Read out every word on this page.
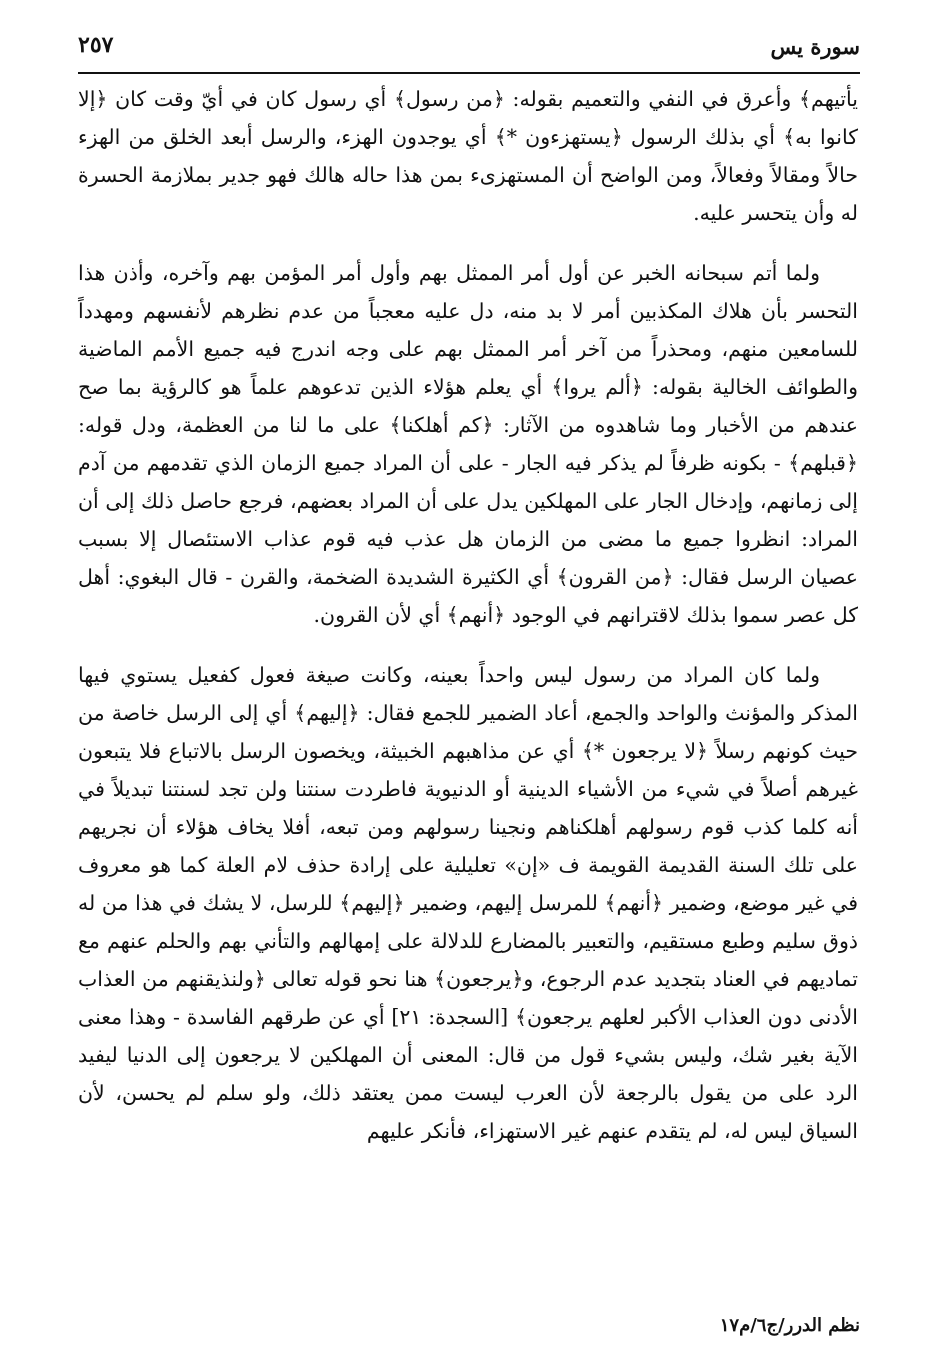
سورة يس
٢٥٧

يأتيهم﴾ وأعرق في النفي والتعميم بقوله: ﴿من رسول﴾ أي رسول كان في أيّ وقت كان ﴿إلا كانوا به﴾ أي بذلك الرسول ﴿يستهزءون *﴾ أي يوجدون الهزء، والرسل أبعد الخلق من الهزء حالاً ومقالاً وفعالاً، ومن الواضح أن المستهزىء بمن هذا حاله هالك فهو جدير بملازمة الحسرة له وأن يتحسر عليه.

ولما أتم سبحانه الخبر عن أول أمر الممثل بهم وأول أمر المؤمن بهم وآخره، وأذن هذا التحسر بأن هلاك المكذبين أمر لا بد منه، دل عليه معجباً من عدم نظرهم لأنفسهم ومهدداً للسامعين منهم، ومحذراً من آخر أمر الممثل بهم على وجه اندرج فيه جميع الأمم الماضية والطوائف الخالية بقوله: ﴿ألم يروا﴾ أي يعلم هؤلاء الذين تدعوهم علماً هو كالرؤية بما صح عندهم من الأخبار وما شاهدوه من الآثار: ﴿كم أهلكنا﴾ على ما لنا من العظمة، ودل قوله: ﴿قبلهم﴾ - بكونه ظرفاً لم يذكر فيه الجار - على أن المراد جميع الزمان الذي تقدمهم من آدم إلى زمانهم، وإدخال الجار على المهلكين يدل على أن المراد بعضهم، فرجع حاصل ذلك إلى أن المراد: انظروا جميع ما مضى من الزمان هل عذب فيه قوم عذاب الاستئصال إلا بسبب عصيان الرسل فقال: ﴿من القرون﴾ أي الكثيرة الشديدة الضخمة، والقرن - قال البغوي: أهل كل عصر سموا بذلك لاقترانهم في الوجود ﴿أنهم﴾ أي لأن القرون.

ولما كان المراد من رسول ليس واحداً بعينه، وكانت صيغة فعول كفعيل يستوي فيها المذكر والمؤنث والواحد والجمع، أعاد الضمير للجمع فقال: ﴿إليهم﴾ أي إلى الرسل خاصة من حيث كونهم رسلاً ﴿لا يرجعون *﴾ أي عن مذاهبهم الخبيثة، ويخصون الرسل بالاتباع فلا يتبعون غيرهم أصلاً في شيء من الأشياء الدينية أو الدنيوية فاطردت سنتنا ولن تجد لسنتنا تبديلاً في أنه كلما كذب قوم رسولهم أهلكناهم ونجينا رسولهم ومن تبعه، أفلا يخاف هؤلاء أن نجريهم على تلك السنة القديمة القويمة ف «إن» تعليلية على إرادة حذف لام العلة كما هو معروف في غير موضع، وضمير ﴿أنهم﴾ للمرسل إليهم، وضمير ﴿إليهم﴾ للرسل، لا يشك في هذا من له ذوق سليم وطبع مستقيم، والتعبير بالمضارع للدلالة على إمهالهم والتأني بهم والحلم عنهم مع تماديهم في العناد بتجديد عدم الرجوع، و﴿يرجعون﴾ هنا نحو قوله تعالى ﴿ولنذيقنهم من العذاب الأدنى دون العذاب الأكبر لعلهم يرجعون﴾ [السجدة: ٢١] أي عن طرقهم الفاسدة - وهذا معنى الآية بغير شك، وليس بشيء قول من قال: المعنى أن المهلكين لا يرجعون إلى الدنيا ليفيد الرد على من يقول بالرجعة لأن العرب ليست ممن يعتقد ذلك، ولو سلم لم يحسن، لأن السياق ليس له، لم يتقدم عنهم غير الاستهزاء، فأنكر عليهم

نظم الدرر/ج٦/م١٧
